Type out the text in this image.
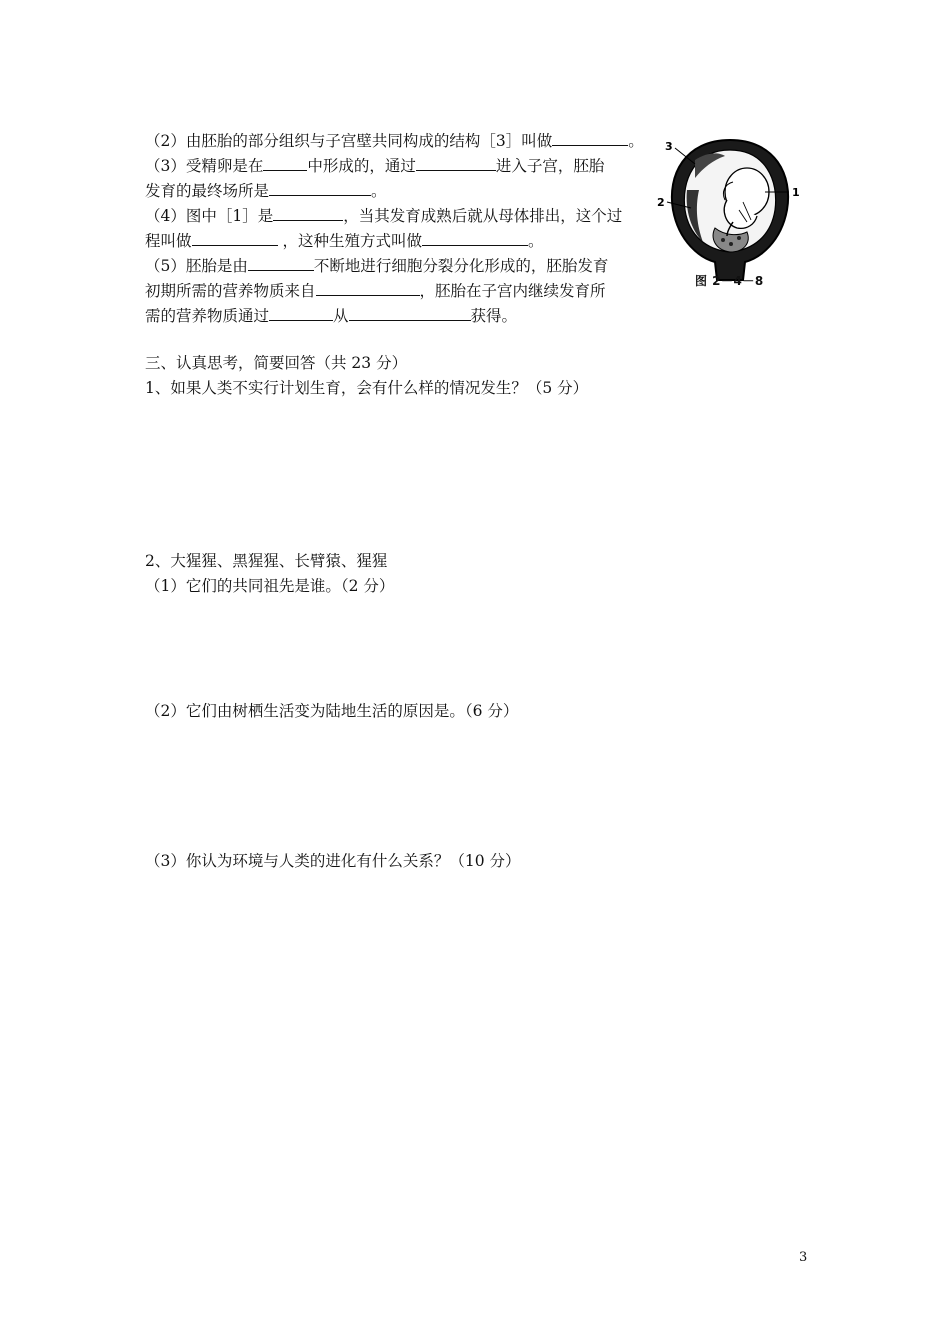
（2）由胚胎的部分组织与子宫壁共同构成的结构［3］叫做	。
（3）受精卵是在	中形成的，通过	进入子宫，胚胎
发育的最终场所是	。
（4）图中［1］是	，当其发育成熟后就从母体排出，这个过
程叫做	，这种生殖方式叫做	。
（5）胚胎是由	不断地进行细胞分裂分化形成的，胚胎发育
初期所需的营养物质来自	，胚胎在子宫内继续发育所
需的营养物质通过	从	获得。
1
2
3
图 2－4－8
三、认真思考，简要回答（共 23 分）
1、如果人类不实行计划生育，会有什么样的情况发生？（5 分）
2、大猩猩、黑猩猩、长臂猿、猩猩
（1）它们的共同祖先是谁。（2 分）
（2）它们由树栖生活变为陆地生活的原因是。（6 分）
（3）你认为环境与人类的进化有什么关系？（10 分）
3
